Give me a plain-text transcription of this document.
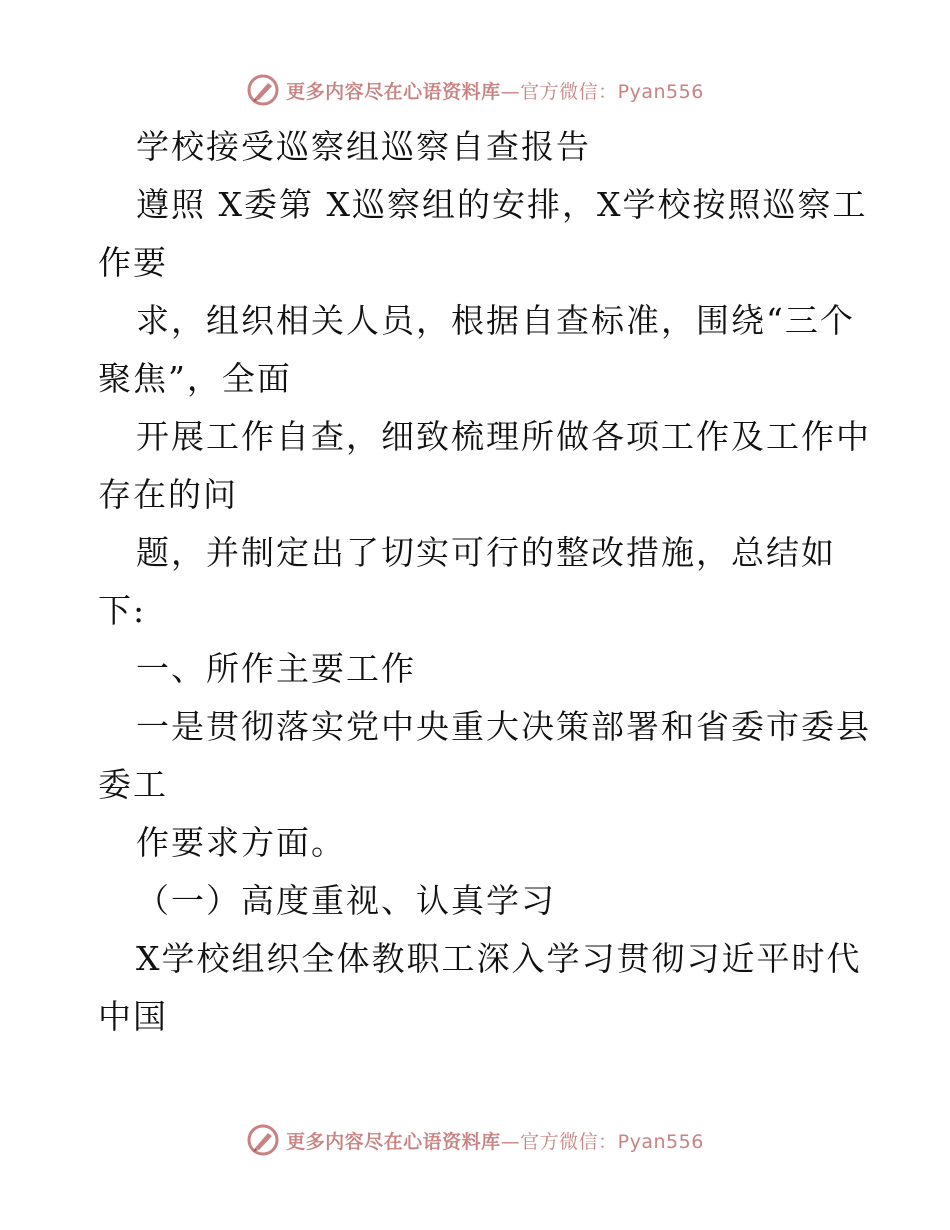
更多内容尽在心语资料库—官方微信：Pyan556
学校接受巡察组巡察自查报告
遵照 X委第 X巡察组的安排，X学校按照巡察工
作要
求，组织相关人员，根据自查标准，围绕“三个
聚焦”，全面
开展工作自查，细致梳理所做各项工作及工作中
存在的问
题，并制定出了切实可行的整改措施，总结如
下:
一、所作主要工作
一是贯彻落实党中央重大决策部署和省委市委县
委工
作要求方面。
（一）高度重视、认真学习
X学校组织全体教职工深入学习贯彻习近平时代
中国
更多内容尽在心语资料库—官方微信：Pyan556
